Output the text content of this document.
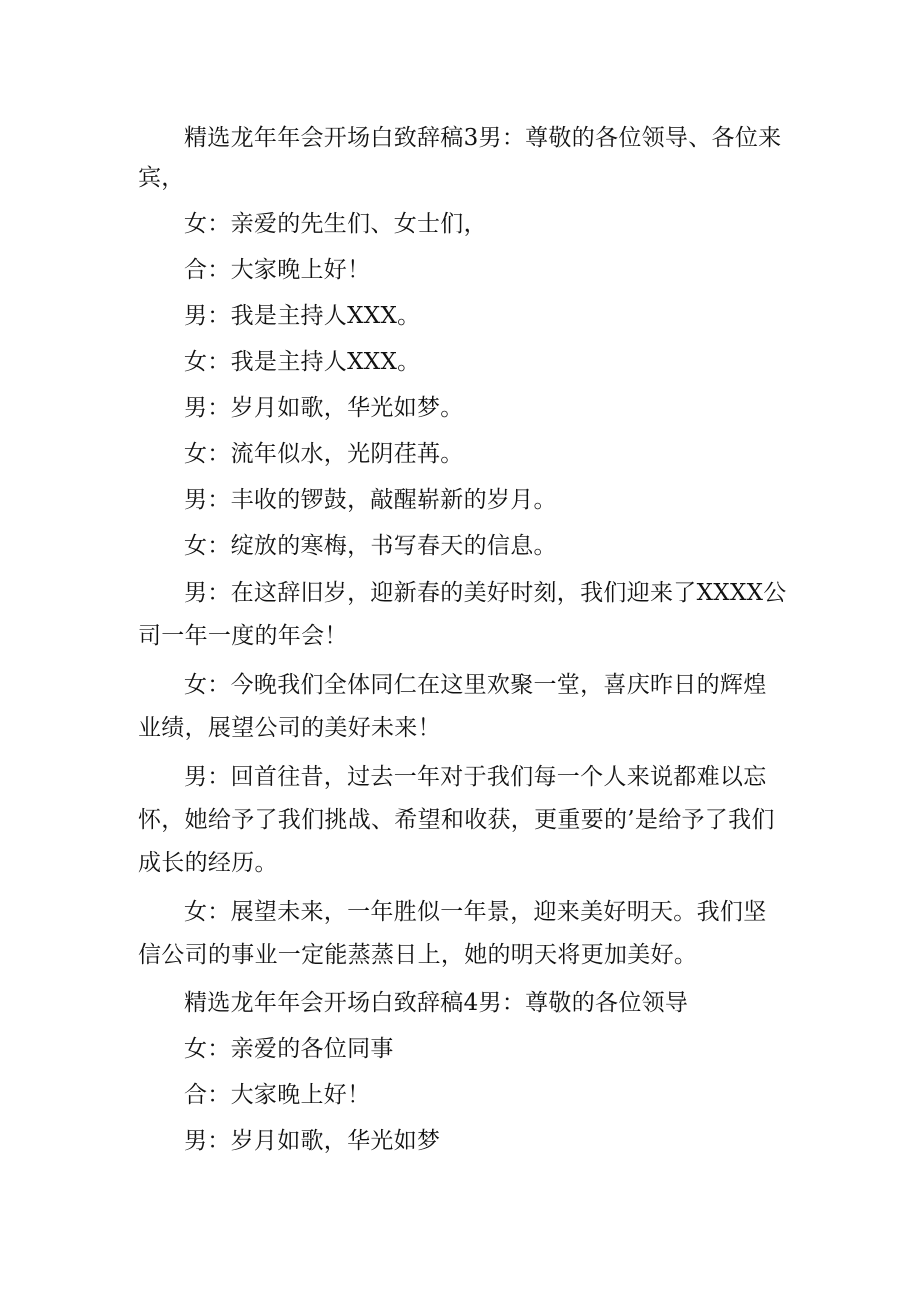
精选龙年年会开场白致辞稿3男：尊敬的各位领导、各位来宾，

女：亲爱的先生们、女士们，

合：大家晚上好！

男：我是主持人XXX。

女：我是主持人XXX。

男：岁月如歌，华光如梦。

女：流年似水，光阴荏苒。

男：丰收的锣鼓，敲醒崭新的岁月。

女：绽放的寒梅，书写春天的信息。

男：在这辞旧岁，迎新春的美好时刻，我们迎来了XXXX公司一年一度的年会！

女：今晚我们全体同仁在这里欢聚一堂，喜庆昨日的辉煌业绩，展望公司的美好未来！

男：回首往昔，过去一年对于我们每一个人来说都难以忘怀，她给予了我们挑战、希望和收获，更重要的’是给予了我们成长的经历。

女：展望未来，一年胜似一年景，迎来美好明天。我们坚信公司的事业一定能蒸蒸日上，她的明天将更加美好。

精选龙年年会开场白致辞稿4男：尊敬的各位领导

女：亲爱的各位同事

合：大家晚上好！

男：岁月如歌，华光如梦
